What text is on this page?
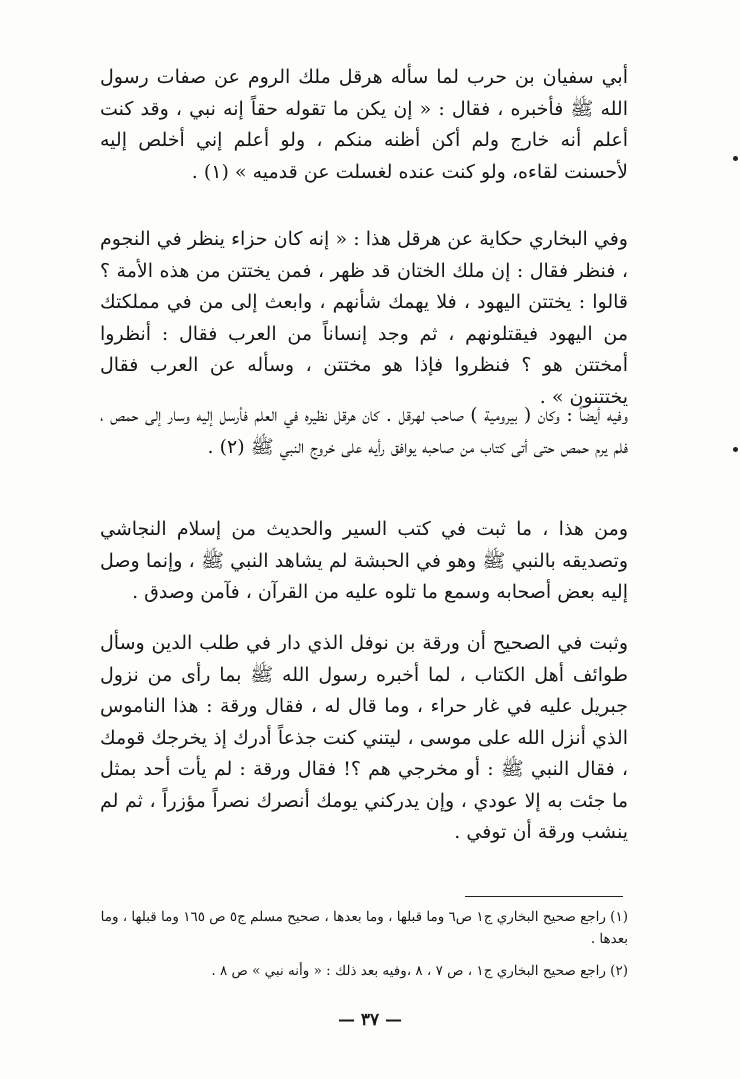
أبي سفيان بن حرب لما سأله هرقل ملك الروم عن صفات رسول الله ﷺ فأخبره ، فقال : « إن يكن ما تقوله حقاً إنه نبي ، وقد كنت أعلم أنه خارج ولم أكن أظنه منكم ، ولو أعلم إني أخلص إليه لأحسنت لقاءه، ولو كنت عنده لغسلت عن قدميه » (١) .

وفي البخاري حكاية عن هرقل هذا : « إنه كان حزاء ينظر في النجوم ، فنظر فقال : إن ملك الختان قد ظهر ، فمن يختتن من هذه الأمة ؟ قالوا : يختتن اليهود ، فلا يهمك شأنهم ، وابعث إلى من في مملكتك من اليهود فيقتلونهم ، ثم وجد إنساناً من العرب فقال : أنظروا أمختتن هو ؟ فنظروا فإذا هو مختتن ، وسأله عن العرب فقال يختتنون » .

وفيه أيضاً : وكان ( بيرومية ) صاحب لهرقل . كان هرقل نظيره في العلم فأرسل إليه وسار إلى حمص ، فلم يرم حمص حتى أتى كتاب من صاحبه يوافق رأيه على خروج النبي ﷺ (٢) .

ومن هذا ، ما ثبت في كتب السير والحديث من إسلام النجاشي وتصديقه بالنبي ﷺ وهو في الحبشة لم يشاهد النبي ﷺ ، وإنما وصل إليه بعض أصحابه وسمع ما تلوه عليه من القرآن ، فآمن وصدق .

وثبت في الصحيح أن ورقة بن نوفل الذي دار في طلب الدين وسأل طوائف أهل الكتاب ، لما أخبره رسول الله ﷺ بما رأى من نزول جبريل عليه في غار حراء ، وما قال له ، فقال ورقة : هذا الناموس الذي أنزل الله على موسى ، ليتني كنت جذعاً أدرك إذ يخرجك قومك ، فقال النبي ﷺ : أو مخرجي هم ؟! فقال ورقة : لم يأت أحد بمثل ما جئت به إلا عودي ، وإن يدركني يومك أنصرك نصراً مؤزراً ، ثم لم ينشب ورقة أن توفي .

(١) راجع صحيح البخاري ج١ ص٦ وما قبلها ، وما بعدها ، صحيح مسلم ج٥ ص ١٦٥ وما قبلها ، وما بعدها .

(٢) راجع صحيح البخاري ج١ ، ص ٧ ، ٨ ،وفيه بعد ذلك : « وأنه نبي » ص ٨ .

— ٣٧ —
